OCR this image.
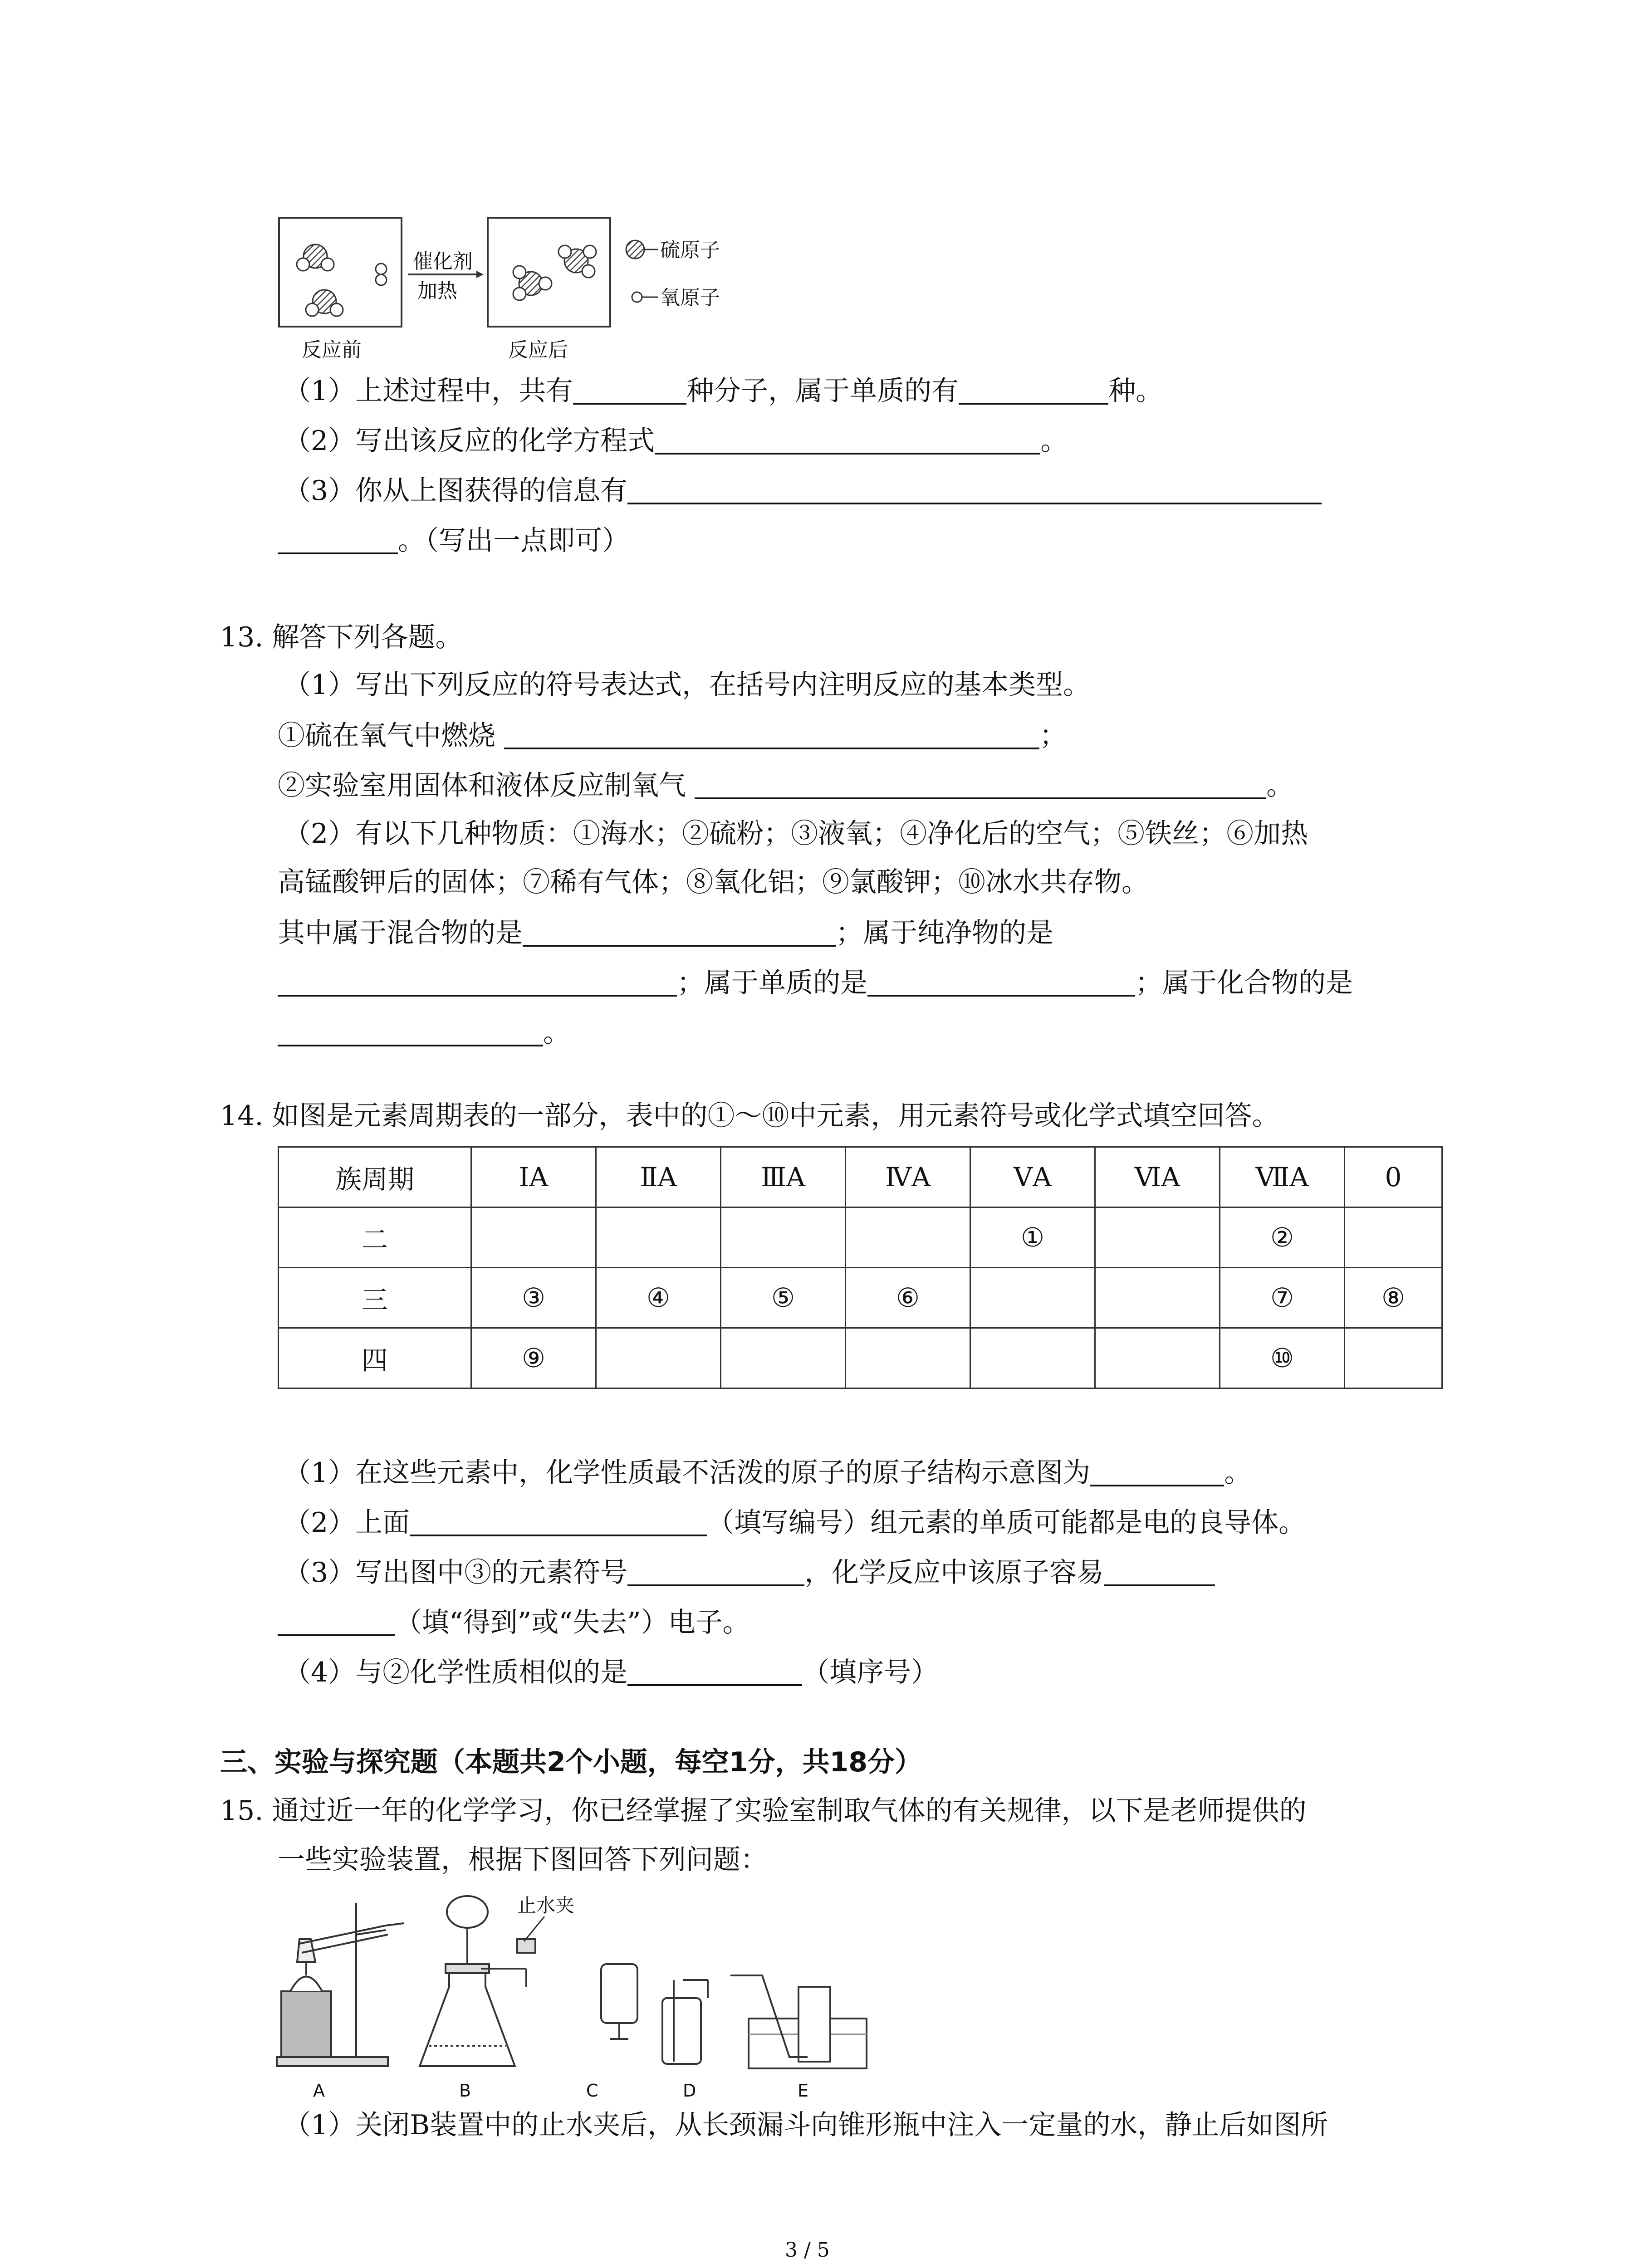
催化剂
加热
反应前	反应后
硫原子
氧原子
（1）上述过程中，共有	种分子，属于单质的有	种。
（2）写出该反应的化学方程式	。
（3）你从上图获得的信息有
。（写出一点即可）
13. 解答下列各题。
（1）写出下列反应的符号表达式，在括号内注明反应的基本类型。
①硫在氧气中燃烧	；
②实验室用固体和液体反应制氧气	。
（2）有以下几种物质：①海水；②硫粉；③液氧；④净化后的空气；⑤铁丝；⑥加热
高锰酸钾后的固体；⑦稀有气体；⑧氧化铝；⑨氯酸钾；⑩冰水共存物。
其中属于混合物的是	；属于纯净物的是
；属于单质的是	；属于化合物的是
。
14. 如图是元素周期表的一部分，表中的①～⑩中元素，用元素符号或化学式填空回答。
族周期	ⅠA	ⅡA	ⅢA	ⅣA	ⅤA	ⅥA	ⅦA	0
二					①		②	
三	③	④	⑤	⑥			⑦	⑧
四	⑨						⑩	
（1）在这些元素中，化学性质最不活泼的原子的原子结构示意图为	。
（2）上面	（填写编号）组元素的单质可能都是电的良导体。
（3）写出图中③的元素符号	，化学反应中该原子容易
（填“得到”或“失去”）电子。
（4）与②化学性质相似的是	（填序号）
三、实验与探究题（本题共2个小题，每空1分，共18分）
15. 通过近一年的化学学习，你已经掌握了实验室制取气体的有关规律，以下是老师提供的
一些实验装置，根据下图回答下列问题：
止水夹
A	B	C	D	E
（1）关闭B装置中的止水夹后，从长颈漏斗向锥形瓶中注入一定量的水，静止后如图所
3 / 5
